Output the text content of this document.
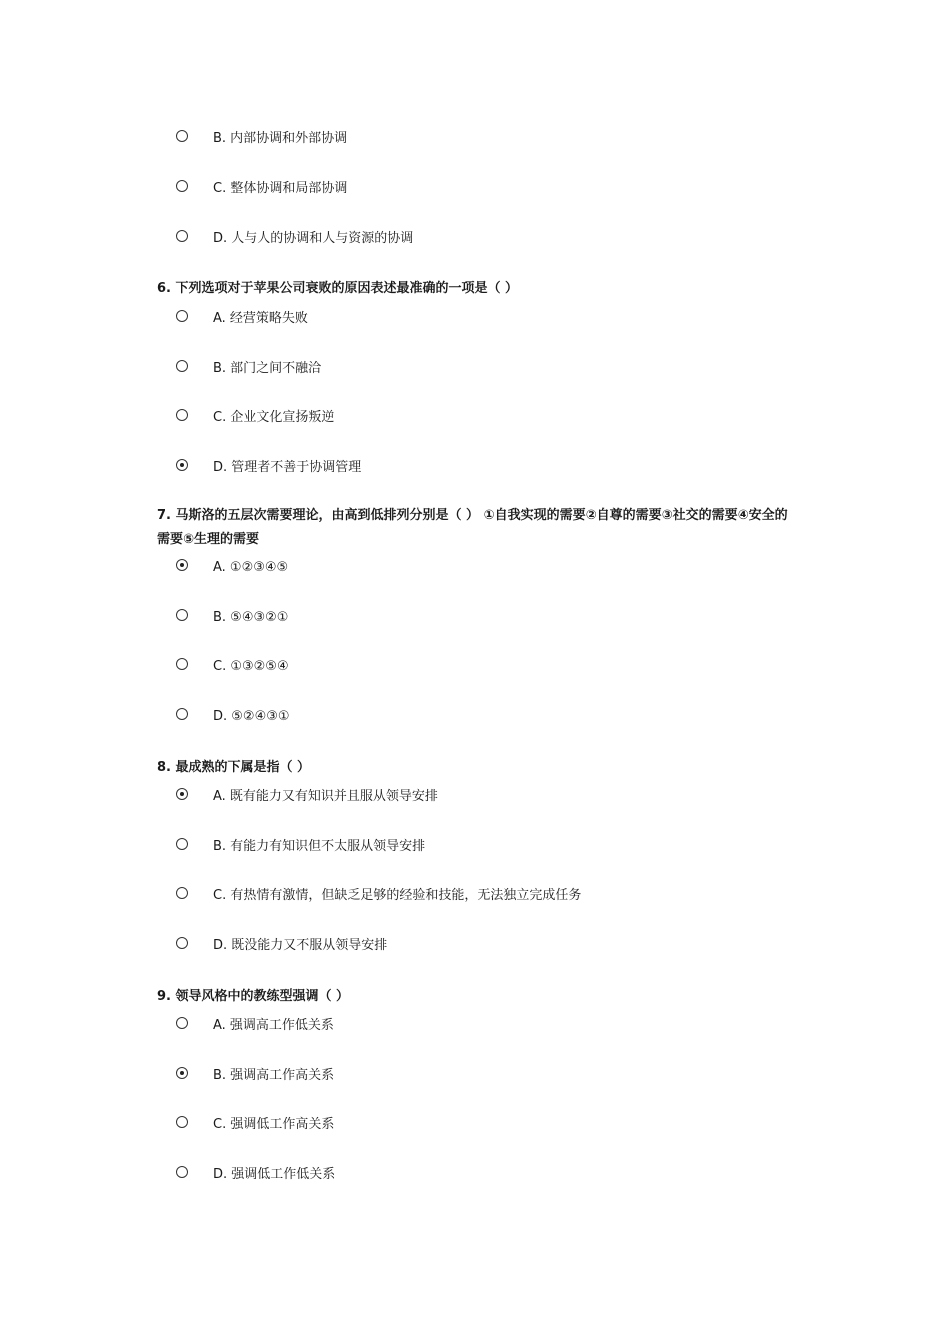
B. 内部协调和外部协调
C. 整体协调和局部协调
D. 人与人的协调和人与资源的协调

6. 下列选项对于苹果公司衰败的原因表述最准确的一项是（ ）

A. 经营策略失败
B. 部门之间不融洽
C. 企业文化宣扬叛逆
D. 管理者不善于协调管理

7. 马斯洛的五层次需要理论，由高到低排列分别是（ ） ①自我实现的需要②自尊的需要③社交的需要④安全的需要⑤生理的需要

A. ①②③④⑤
B. ⑤④③②①
C. ①③②⑤④
D. ⑤②④③①

8. 最成熟的下属是指（ ）

A. 既有能力又有知识并且服从领导安排
B. 有能力有知识但不太服从领导安排
C. 有热情有激情，但缺乏足够的经验和技能，无法独立完成任务
D. 既没能力又不服从领导安排

9. 领导风格中的教练型强调（ ）

A. 强调高工作低关系
B. 强调高工作高关系
C. 强调低工作高关系
D. 强调低工作低关系
